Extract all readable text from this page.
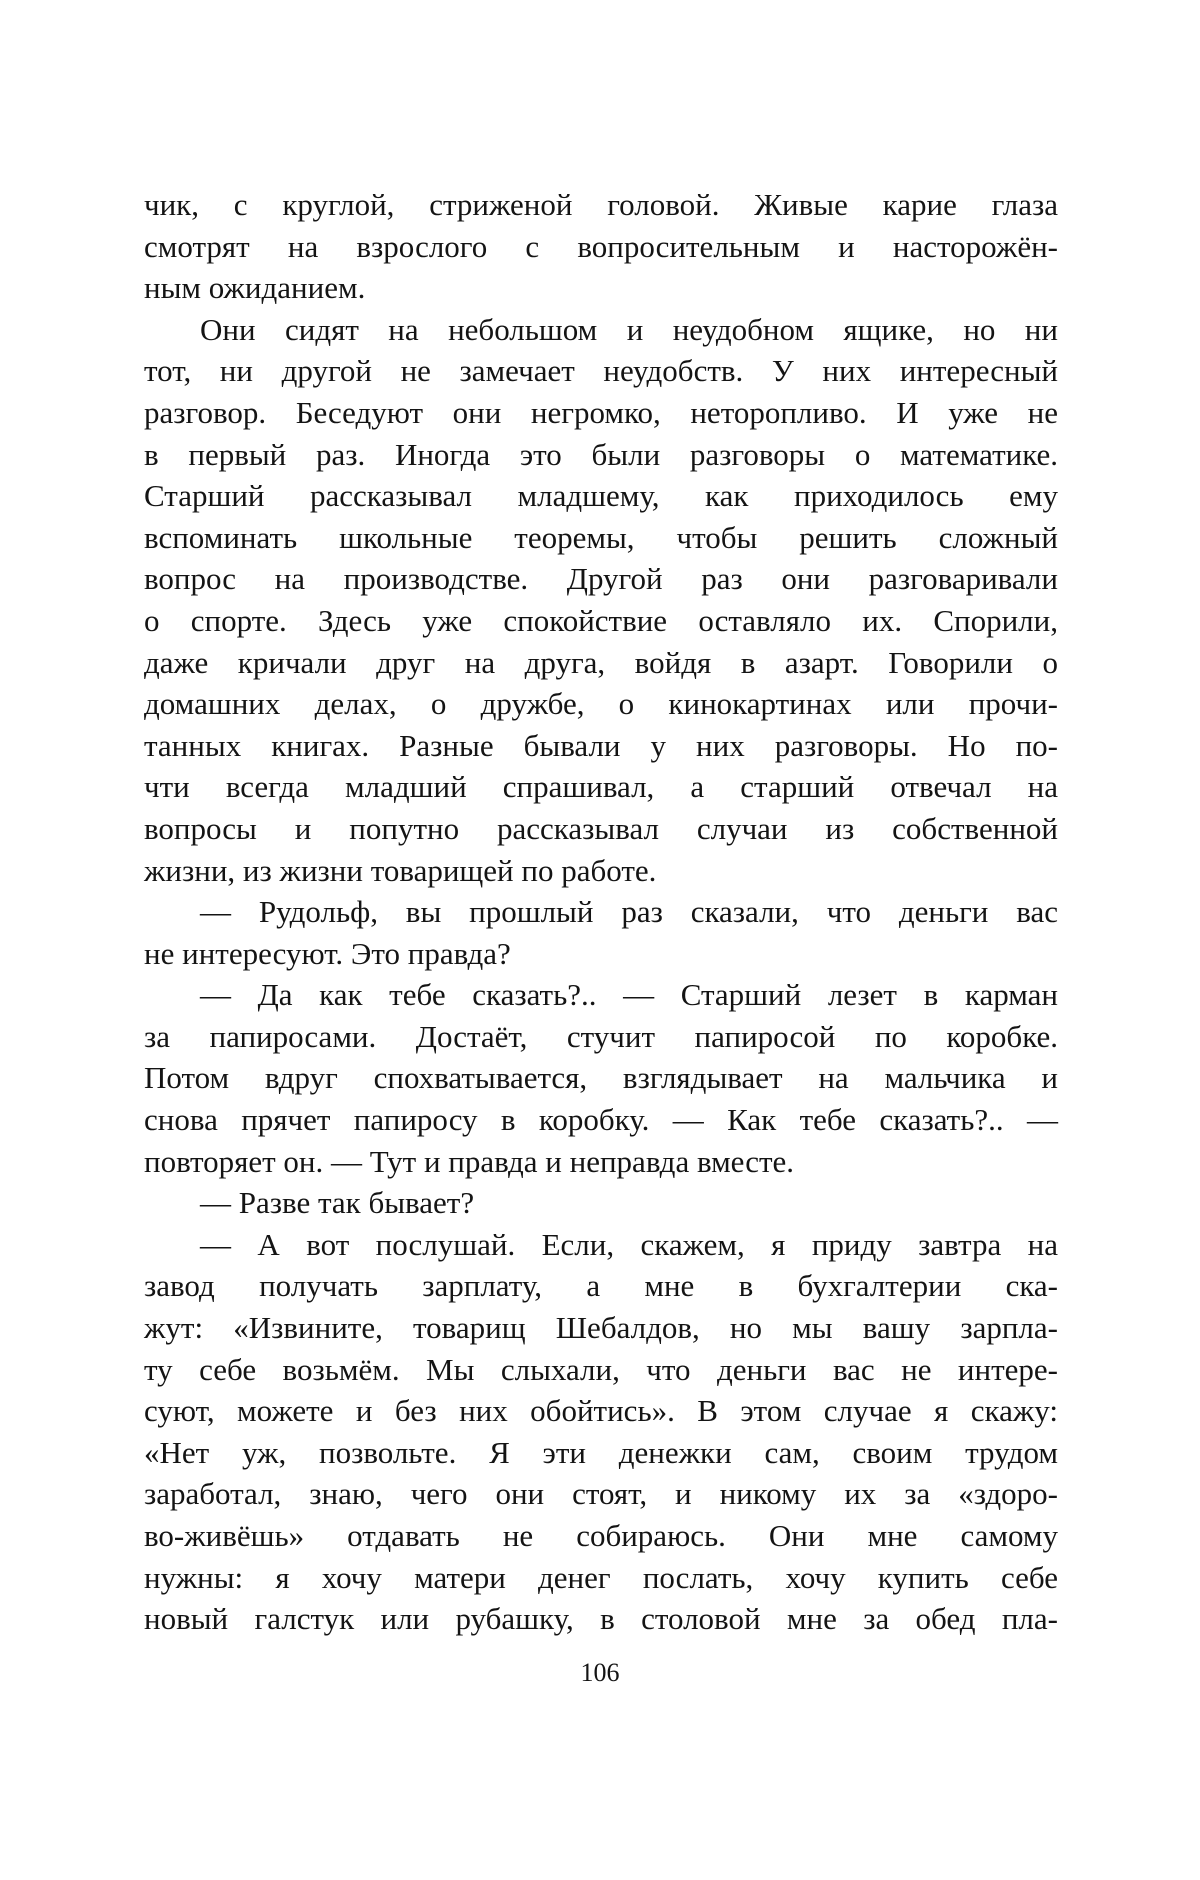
чик, с круглой, стриженой головой. Живые карие глаза
смотрят на взрослого с вопросительным и насторожён-
ным ожиданием.
Они сидят на небольшом и неудобном ящике, но ни
тот, ни другой не замечает неудобств. У них интересный
разговор. Беседуют они негромко, неторопливо. И уже не
в первый раз. Иногда это были разговоры о математике.
Старший рассказывал младшему, как приходилось ему
вспоминать школьные теоремы, чтобы решить сложный
вопрос на производстве. Другой раз они разговаривали
о спорте. Здесь уже спокойствие оставляло их. Спорили,
даже кричали друг на друга, войдя в азарт. Говорили о
домашних делах, о дружбе, о кинокартинах или прочи-
танных книгах. Разные бывали у них разговоры. Но по-
чти всегда младший спрашивал, а старший отвечал на
вопросы и попутно рассказывал случаи из собственной
жизни, из жизни товарищей по работе.
— Рудольф, вы прошлый раз сказали, что деньги вас
не интересуют. Это правда?
— Да как тебе сказать?.. — Старший лезет в карман
за папиросами. Достаёт, стучит папиросой по коробке.
Потом вдруг спохватывается, взглядывает на мальчика и
снова прячет папиросу в коробку. — Как тебе сказать?.. —
повторяет он. — Тут и правда и неправда вместе.
— Разве так бывает?
— А вот послушай. Если, скажем, я приду завтра на
завод получать зарплату, а мне в бухгалтерии ска-
жут: «Извините, товарищ Шебалдов, но мы вашу зарпла-
ту себе возьмём. Мы слыхали, что деньги вас не интере-
суют, можете и без них обойтись». В этом случае я скажу:
«Нет уж, позвольте. Я эти денежки сам, своим трудом
заработал, знаю, чего они стоят, и никому их за «здоро-
во-живёшь» отдавать не собираюсь. Они мне самому
нужны: я хочу матери денег послать, хочу купить себе
новый галстук или рубашку, в столовой мне за обед пла-
106
